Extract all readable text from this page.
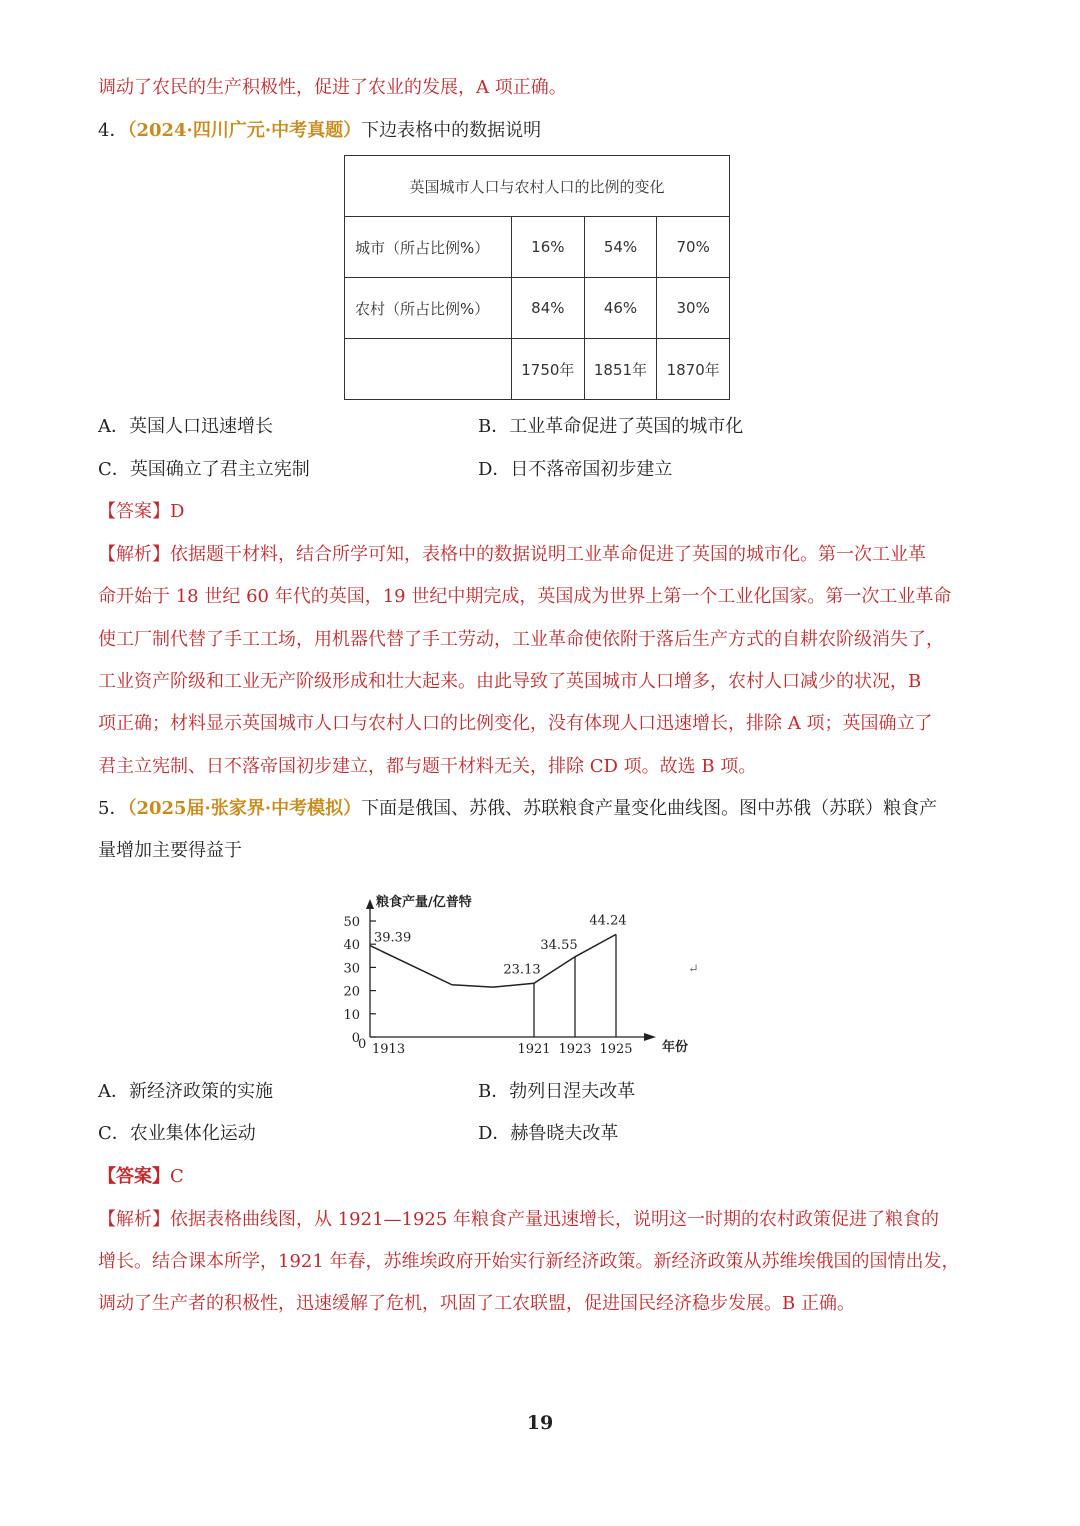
调动了农民的生产积极性，促进了农业的发展，A 项正确。
4．（2024·四川广元·中考真题）下边表格中的数据说明
英国城市人口与农村人口的比例的变化			
城市（所占比例%）	16%	54%	70%
农村（所占比例%）	84%	46%	30%
	1750年	1851年	1870年
A．英国人口迅速增长	B．工业革命促进了英国的城市化
C．英国确立了君主立宪制	D．日不落帝国初步建立
【答案】D
【解析】依据题干材料，结合所学可知，表格中的数据说明工业革命促进了英国的城市化。第一次工业革
命开始于 18 世纪 60 年代的英国，19 世纪中期完成，英国成为世界上第一个工业化国家。第一次工业革命
使工厂制代替了手工工场，用机器代替了手工劳动，工业革命使依附于落后生产方式的自耕农阶级消失了，
工业资产阶级和工业无产阶级形成和壮大起来。由此导致了英国城市人口增多，农村人口减少的状况，B
项正确；材料显示英国城市人口与农村人口的比例变化，没有体现人口迅速增长，排除 A 项；英国确立了
君主立宪制、日不落帝国初步建立，都与题干材料无关，排除 CD 项。故选 B 项。
5．（2025届·张家界·中考模拟）下面是俄国、苏俄、苏联粮食产量变化曲线图。图中苏俄（苏联）粮食产
量增加主要得益于
0
10
20
30
40
50
粮食产量/亿普特
年份
1913	1921 1923 1925
0
39.39
23.13
34.55
44.24
↵
A．新经济政策的实施	B．勃列日涅夫改革
C．农业集体化运动	D．赫鲁晓夫改革
【答案】C
【解析】依据表格曲线图，从 1921—1925 年粮食产量迅速增长，说明这一时期的农村政策促进了粮食的
增长。结合课本所学，1921 年春，苏维埃政府开始实行新经济政策。新经济政策从苏维埃俄国的国情出发，
调动了生产者的积极性，迅速缓解了危机，巩固了工农联盟，促进国民经济稳步发展。B 正确。
19
